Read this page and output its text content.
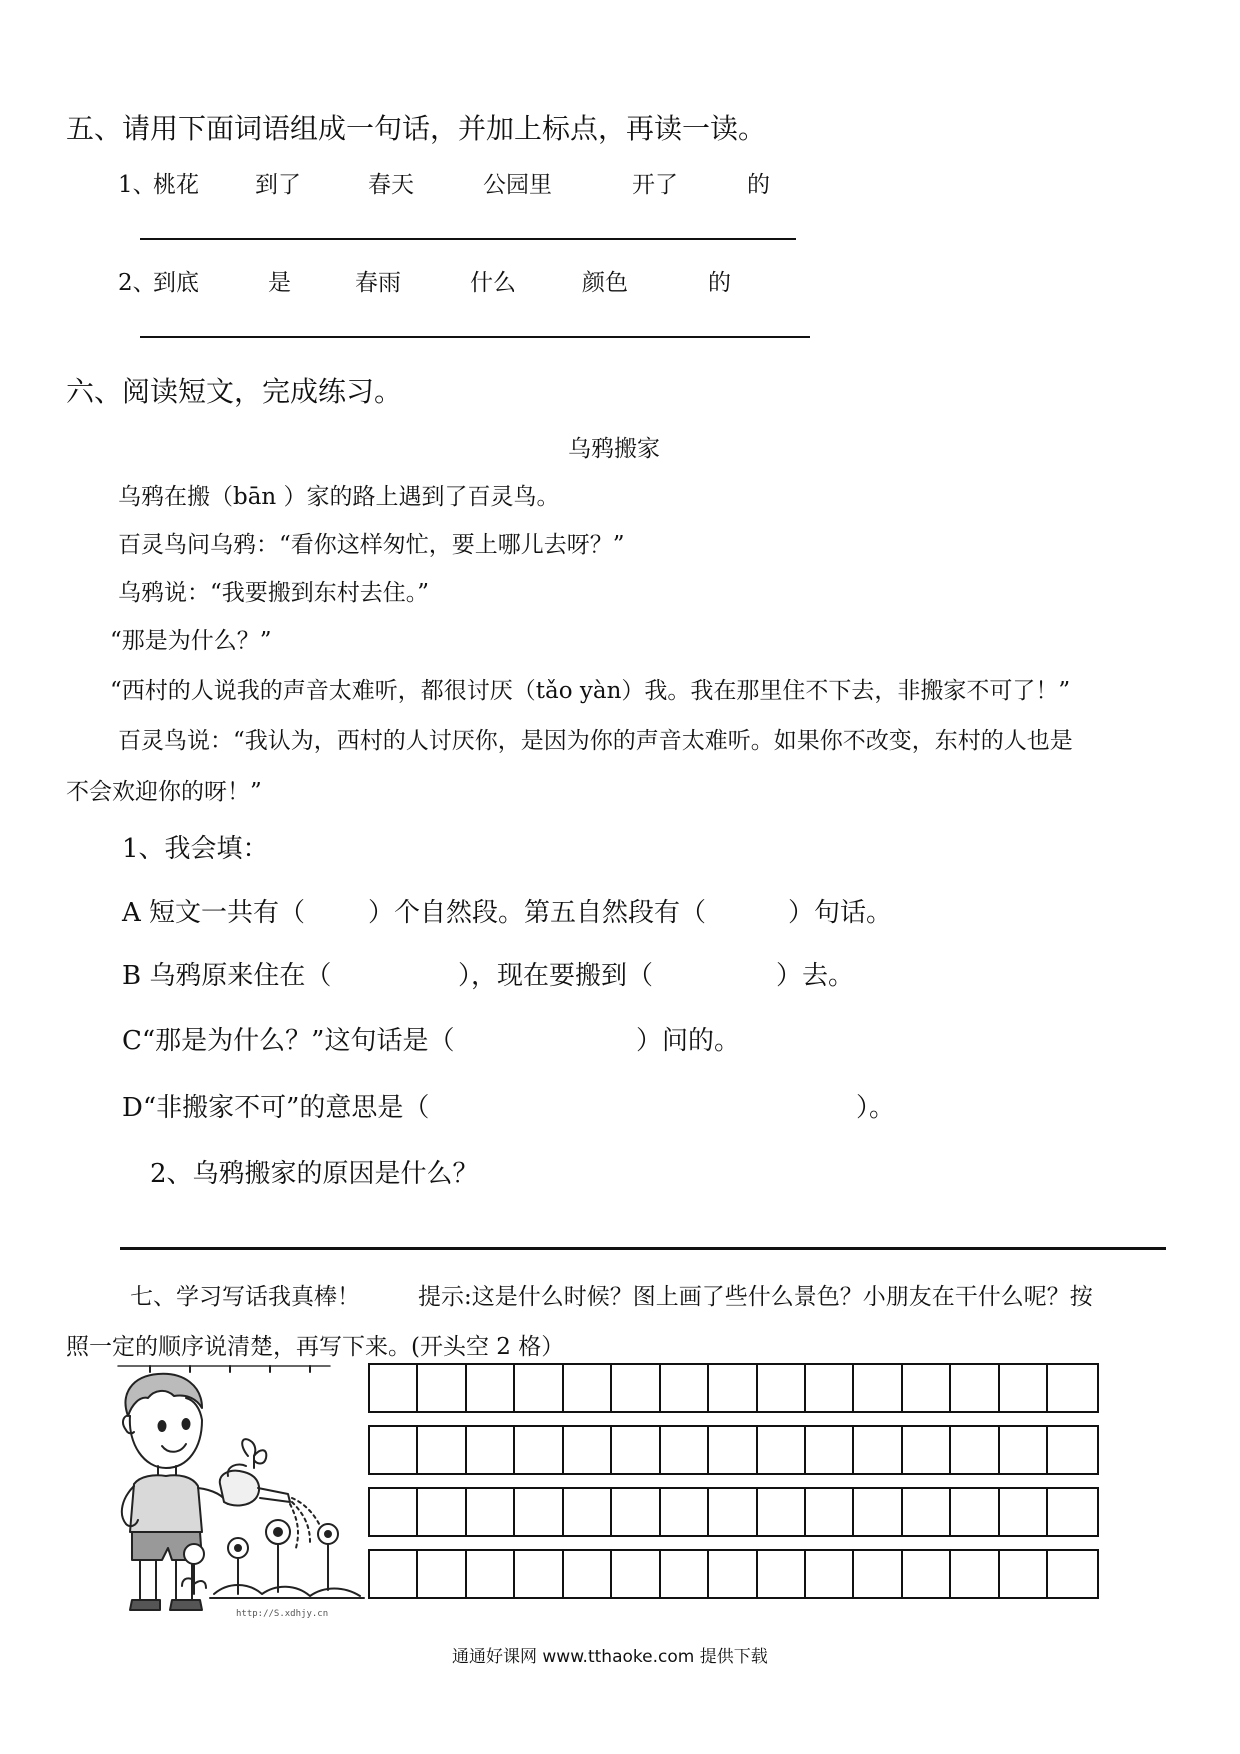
五、请用下面词语组成一句话，并加上标点，再读一读。
1、
桃花 到了	春天	公园里	开了	的
2、
到底	是	春雨	什么	颜色	的
六、阅读短文，完成练习。
乌鸦搬家
乌鸦在搬（bān ）家的路上遇到了百灵鸟。
百灵鸟问乌鸦：“看你这样匆忙，要上哪儿去呀？”
乌鸦说：“我要搬到东村去住。”
“那是为什么？”
“西村的人说我的声音太难听，都很讨厌（tǎo yàn）我。我在那里住不下去，非搬家不可了！”
百灵鸟说：“我认为，西村的人讨厌你，是因为你的声音太难听。如果你不改变，东村的人也是
不会欢迎你的呀！”
1、我会填：
A 短文一共有（ ）个自然段。第五自然段有（	）句话。
B 乌鸦原来住在（	），现在要搬到（	）去。
C“那是为什么？”这句话是（	）问的。
D“非搬家不可”的意思是（	）。
2、乌鸦搬家的原因是什么？
七、学习写话我真棒！	提示:这是什么时候？图上画了些什么景色？小朋友在干什么呢？按
照一定的顺序说清楚，再写下来。(开头空 2 格）
http://S.xdhjy.cn
通通好课网 www.tthaoke.com 提供下载
